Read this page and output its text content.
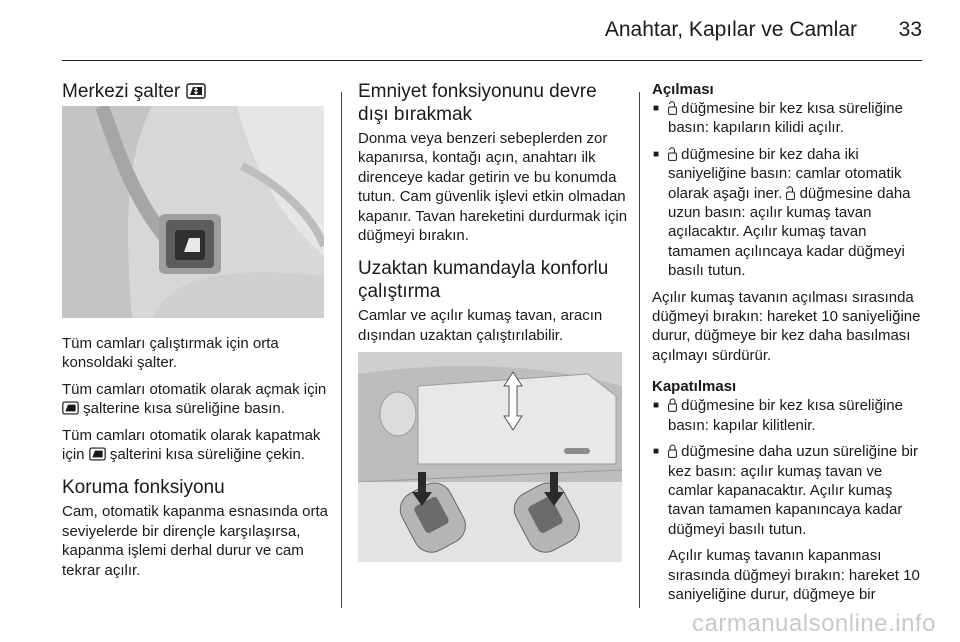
Anahtar, Kapılar ve Camlar 33
Merkezi şalter

Tüm camları çalıştırmak için orta konsoldaki şalter.

Tüm camları otomatik olarak açmak için  şalterine kısa süreliğine basın.

Tüm camları otomatik olarak kapatmak için şalterini kısa süreliğine çekin.

Koruma fonksiyonu

Cam, otomatik kapanma esnasında orta seviyelerde bir dirençle karşılaşırsa, kapanma işlemi derhal durur ve cam tekrar açılır.

Emniyet fonksiyonunu devre dışı bırakmak

Donma veya benzeri sebeplerden zor kapanırsa, kontağı açın, anahtarı ilk direnceye kadar getirin ve bu konumda tutun. Cam güvenlik işlevi etkin olmadan kapanır. Tavan hareketini durdurmak için düğmeyi bırakın.

Uzaktan kumandayla konforlu çalıştırma

Camlar ve açılır kumaş tavan, aracın dışından uzaktan çalıştırılabilir.

Açılması
■ düğmesine bir kez kısa süreliğine basın: kapıların kilidi açılır.
■ düğmesine bir kez daha iki saniyeliğine basın: camlar otomatik olarak aşağı iner. düğmesine daha uzun basın: açılır kumaş tavan açılacaktır. Açılır kumaş tavan tamamen açılıncaya kadar düğmeyi basılı tutun.

Açılır kumaş tavanın açılması sırasında düğmeyi bırakın: hareket 10 saniyeliğine durur, düğmeye bir kez daha basılması açılmayı sürdürür.

Kapatılması
■ düğmesine bir kez kısa süreliğine basın: kapılar kilitlenir.
■ düğmesine daha uzun süreliğine bir kez basın: açılır kumaş tavan ve camlar kapanacaktır. Açılır kumaş tavan tamamen kapanıncaya kadar düğmeyi basılı tutun.

Açılır kumaş tavanın kapanması sırasında düğmeyi bırakın: hareket 10 saniyeliğine durur, düğmeye bir

carmanualsonline.info
